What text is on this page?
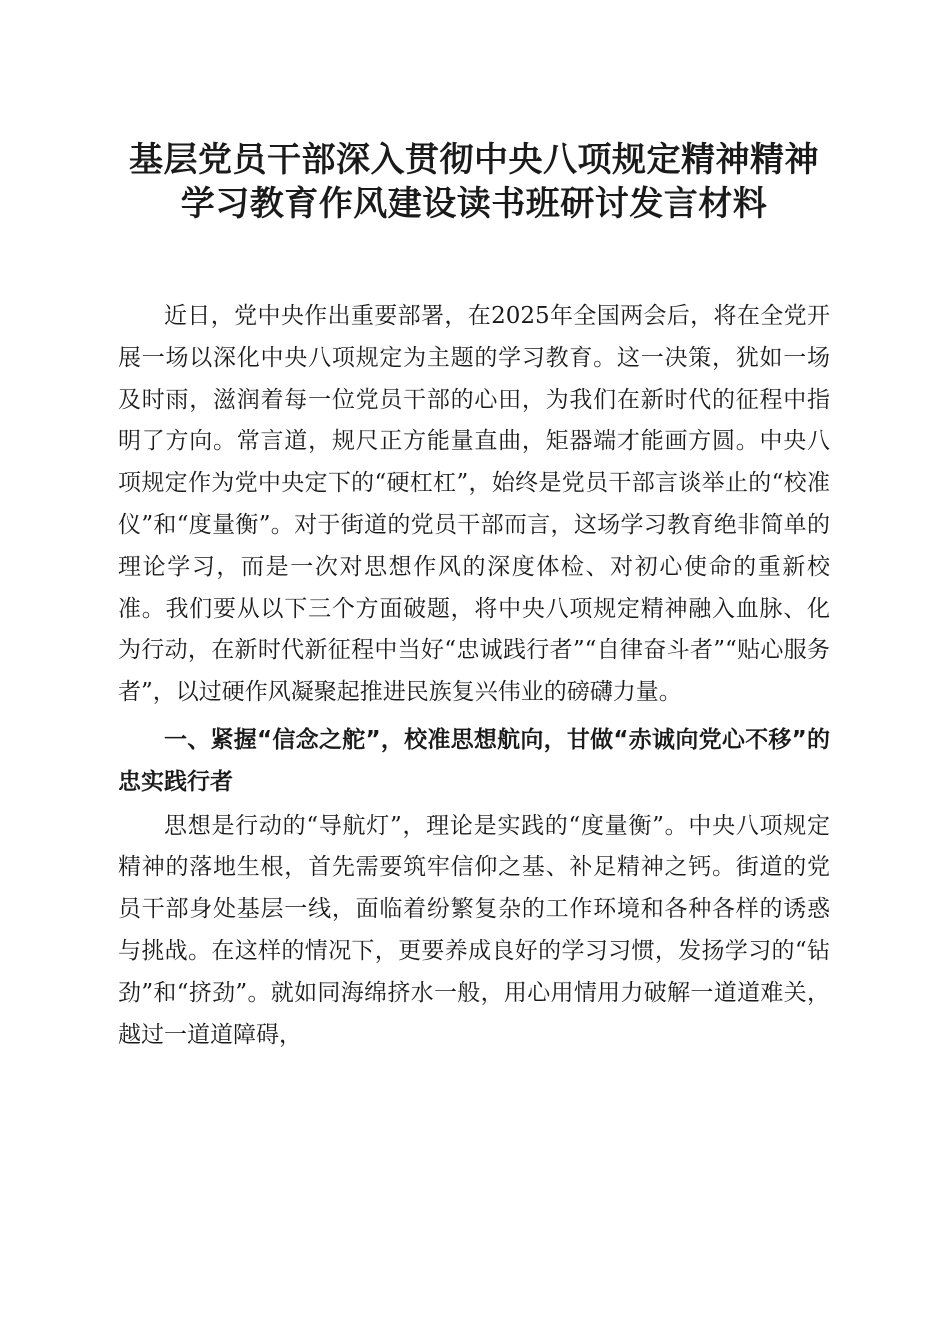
基层党员干部深入贯彻中央八项规定精神精神
学习教育作风建设读书班研讨发言材料

近日，党中央作出重要部署，在2025年全国两会后，将在全党开展一场以深化中央八项规定为主题的学习教育。这一决策，犹如一场及时雨，滋润着每一位党员干部的心田，为我们在新时代的征程中指明了方向。常言道，规尺正方能量直曲，矩器端才能画方圆。中央八项规定作为党中央定下的“硬杠杠”，始终是党员干部言谈举止的“校准仪”和“度量衡”。对于街道的党员干部而言，这场学习教育绝非简单的理论学习，而是一次对思想作风的深度体检、对初心使命的重新校准。我们要从以下三个方面破题，将中央八项规定精神融入血脉、化为行动，在新时代新征程中当好“忠诚践行者”“自律奋斗者”“贴心服务者”，以过硬作风凝聚起推进民族复兴伟业的磅礴力量。

一、紧握“信念之舵”，校准思想航向，甘做“赤诚向党心不移”的忠实践行者

思想是行动的“导航灯”，理论是实践的“度量衡”。中央八项规定精神的落地生根，首先需要筑牢信仰之基、补足精神之钙。街道的党员干部身处基层一线，面临着纷繁复杂的工作环境和各种各样的诱惑与挑战。在这样的情况下，更要养成良好的学习习惯，发扬学习的“钻劲”和“挤劲”。就如同海绵挤水一般，用心用情用力破解一道道难关，越过一道道障碍，
